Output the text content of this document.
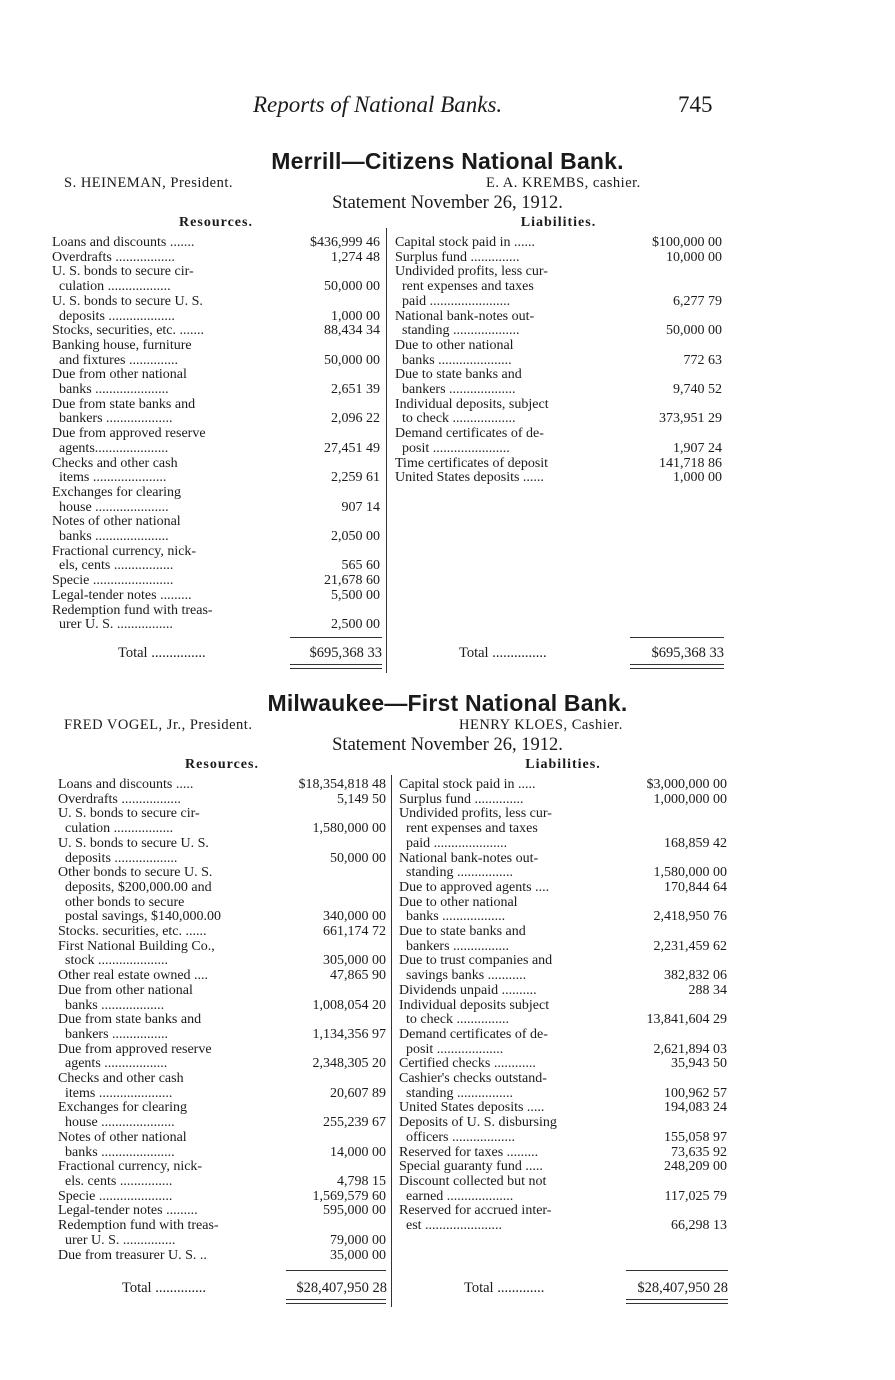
Reports of National Banks.	745
Merrill—Citizens National Bank.
S. HEINEMAN, President.	E. A. KREMBS, cashier.
Statement November 26, 1912.
Resources.
Loans and discounts .......	$436,999 46
Overdrafts .................	1,274 48
U. S. bonds to secure cir-
culation ..................	50,000 00
U. S. bonds to secure U. S.
deposits ...................	1,000 00
Stocks, securities, etc. .......	88,434 34
Banking house, furniture
and fixtures ..............	50,000 00
Due from other national
banks .....................	2,651 39
Due from state banks and
bankers ...................	2,096 22
Due from approved reserve
agents.....................	27,451 49
Checks and other cash
items .....................	2,259 61
Exchanges for clearing
house .....................	907 14
Notes of other national
banks .....................	2,050 00
Fractional currency, nick-
els, cents .................	565 60
Specie .......................	21,678 60
Legal-tender notes .........	5,500 00
Redemption fund with treas-
urer U. S. ................	2,500 00
Liabilities.
Capital stock paid in ......	$100,000 00
Surplus fund ..............	10,000 00
Undivided profits, less cur-
rent expenses and taxes
paid .......................	6,277 79
National bank-notes out-
standing ...................	50,000 00
Due to other national
banks .....................	772 63
Due to state banks and
bankers ...................	9,740 52
Individual deposits, subject
to check ..................	373,951 29
Demand certificates of de-
posit ......................	1,907 24
Time certificates of deposit	141,718 86
United States deposits ......	1,000 00
Total ...............	$695,368 33	Total ...............	$695,368 33
Milwaukee—First National Bank.
FRED VOGEL, Jr., President.	HENRY KLOES, Cashier.
Statement November 26, 1912.
Resources.
Loans and discounts .....	$18,354,818 48
Overdrafts .................	5,149 50
U. S. bonds to secure cir-
culation .................	1,580,000 00
U. S. bonds to secure U. S.
deposits ..................	50,000 00
Other bonds to secure U. S.
deposits, $200,000.00 and
other bonds to secure
postal savings, $140,000.00	340,000 00
Stocks. securities, etc. ......	661,174 72
First National Building Co.,
stock ....................	305,000 00
Other real estate owned ....	47,865 90
Due from other national
banks ..................	1,008,054 20
Due from state banks and
bankers ................	1,134,356 97
Due from approved reserve
agents ..................	2,348,305 20
Checks and other cash
items .....................	20,607 89
Exchanges for clearing
house .....................	255,239 67
Notes of other national
banks .....................	14,000 00
Fractional currency, nick-
els. cents ...............	4,798 15
Specie .....................	1,569,579 60
Legal-tender notes .........	595,000 00
Redemption fund with treas-
urer U. S. ...............	79,000 00
Due from treasurer U. S. ..	35,000 00
Liabilities.
Capital stock paid in .....	$3,000,000 00
Surplus fund ..............	1,000,000 00
Undivided profits, less cur-
rent expenses and taxes
paid .....................	168,859 42
National bank-notes out-
standing ................	1,580,000 00
Due to approved agents ....	170,844 64
Due to other national
banks ..................	2,418,950 76
Due to state banks and
bankers ................	2,231,459 62
Due to trust companies and
savings banks ...........	382,832 06
Dividends unpaid ..........	288 34
Individual deposits subject
to check ...............	13,841,604 29
Demand certificates of de-
posit ...................	2,621,894 03
Certified checks ............	35,943 50
Cashier's checks outstand-
standing ................	100,962 57
United States deposits .....	194,083 24
Deposits of U. S. disbursing
officers ..................	155,058 97
Reserved for taxes .........	73,635 92
Special guaranty fund .....	248,209 00
Discount collected but not
earned ...................	117,025 79
Reserved for accrued inter-
est ......................	66,298 13
Total ..............	$28,407,950 28	Total .............	$28,407,950 28
